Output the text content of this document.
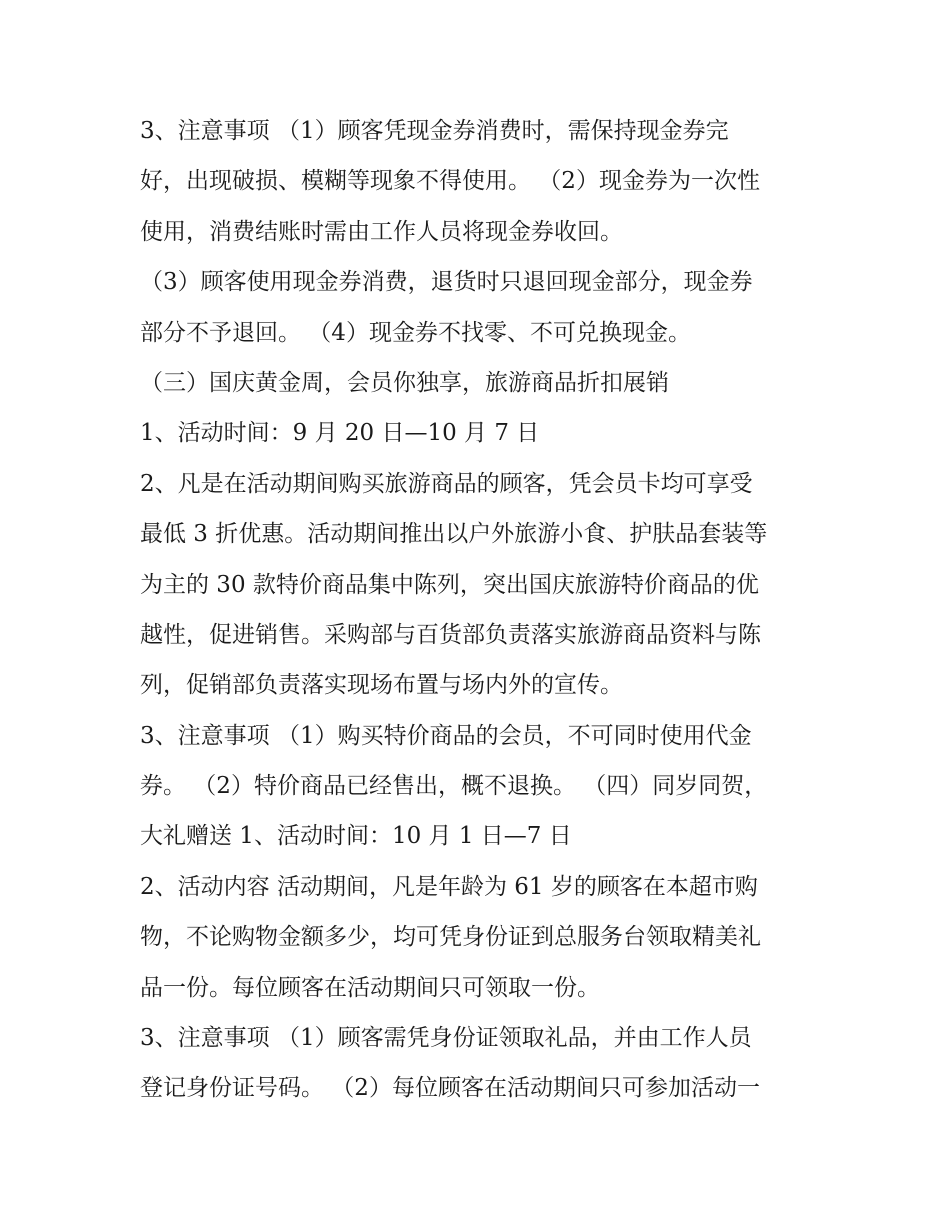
3、注意事项 （1）顾客凭现金券消费时，需保持现金券完
好，出现破损、模糊等现象不得使用。 （2）现金券为一次性
使用，消费结账时需由工作人员将现金券收回。
（3）顾客使用现金券消费，退货时只退回现金部分，现金券
部分不予退回。 （4）现金券不找零、不可兑换现金。
（三）国庆黄金周，会员你独享，旅游商品折扣展销
1、活动时间：9 月 20 日—10 月 7 日
2、凡是在活动期间购买旅游商品的顾客，凭会员卡均可享受
最低 3 折优惠。活动期间推出以户外旅游小食、护肤品套装等
为主的 30 款特价商品集中陈列，突出国庆旅游特价商品的优
越性，促进销售。采购部与百货部负责落实旅游商品资料与陈
列，促销部负责落实现场布置与场内外的宣传。
3、注意事项 （1）购买特价商品的会员，不可同时使用代金
券。 （2）特价商品已经售出，概不退换。 （四）同岁同贺，
大礼赠送 1、活动时间：10 月 1 日—7 日
2、活动内容 活动期间，凡是年龄为 61 岁的顾客在本超市购
物，不论购物金额多少，均可凭身份证到总服务台领取精美礼
品一份。每位顾客在活动期间只可领取一份。
3、注意事项 （1）顾客需凭身份证领取礼品，并由工作人员
登记身份证号码。 （2）每位顾客在活动期间只可参加活动一
